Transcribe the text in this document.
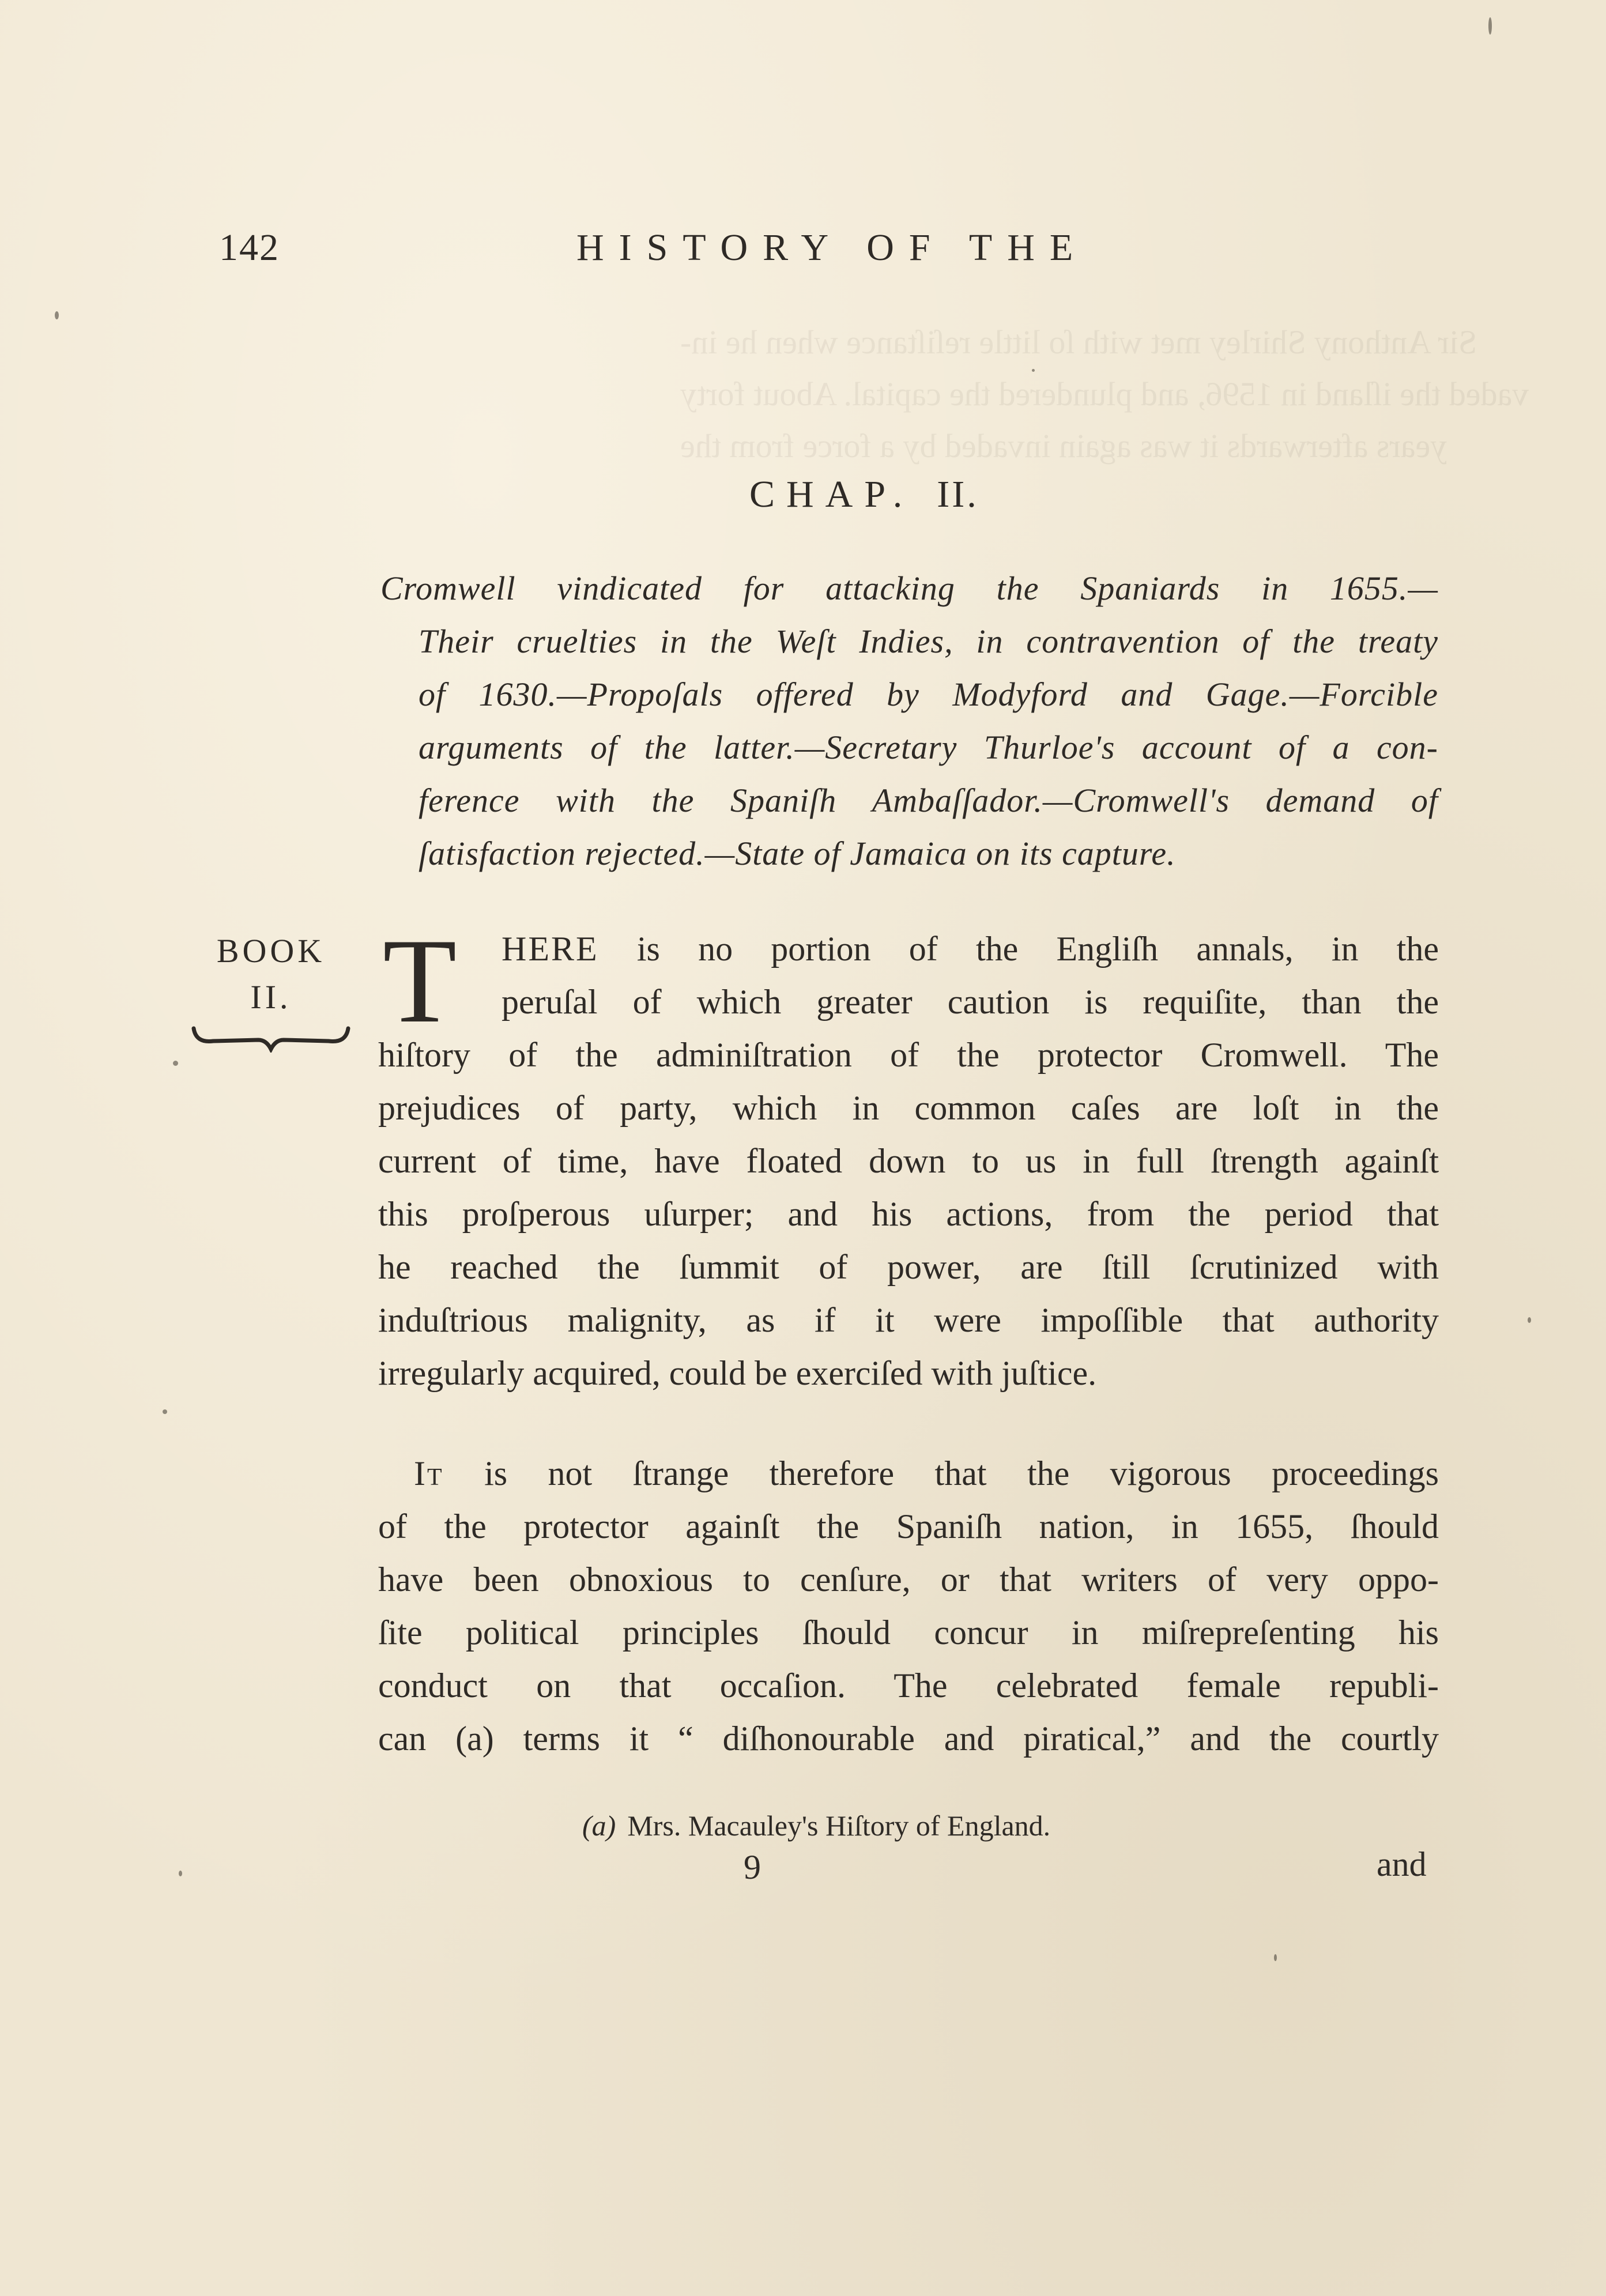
Sir Anthony Shirley met with ſo little reſiſtance when he in-
vaded the iſland in 1596, and plundered the capital. About forty
years afterwards it was again invaded by a force from the
142	HISTORY OF THE
CHAP. II.
Cromwell vindicated for attacking the Spaniards in 1655.—
Their cruelties in the Weſt Indies, in contravention of the treaty
of 1630.—Propoſals offered by Modyford and Gage.—Forcible
arguments of the latter.—Secretary Thurloe's account of a con-
ference with the Spaniſh Ambaſſador.—Cromwell's demand of
ſatisfaction rejected.—State of Jamaica on its capture.
BOOK
II. T	HERE is no portion of the Engliſh annals, in the
peruſal of which greater caution is requiſite, than the
hiſtory of the adminiſtration of the protector Cromwell. The
prejudices of party, which in common caſes are loſt in the
current of time, have floated down to us in full ſtrength againſt
this proſperous uſurper; and his actions, from the period that
he reached the ſummit of power, are ſtill ſcrutinized with
induſtrious malignity, as if it were impoſſible that authority
irregularly acquired, could be exerciſed with juſtice.
It is not ſtrange therefore that the vigorous proceedings
of the protector againſt the Spaniſh nation, in 1655, ſhould
have been obnoxious to cenſure, or that writers of very oppo-
ſite political principles ſhould concur in miſrepreſenting his
conduct on that occaſion. The celebrated female republi-
can (a) terms it “ diſhonourable and piratical,” and the courtly
(a) Mrs. Macauley's Hiſtory of England.
9	and
